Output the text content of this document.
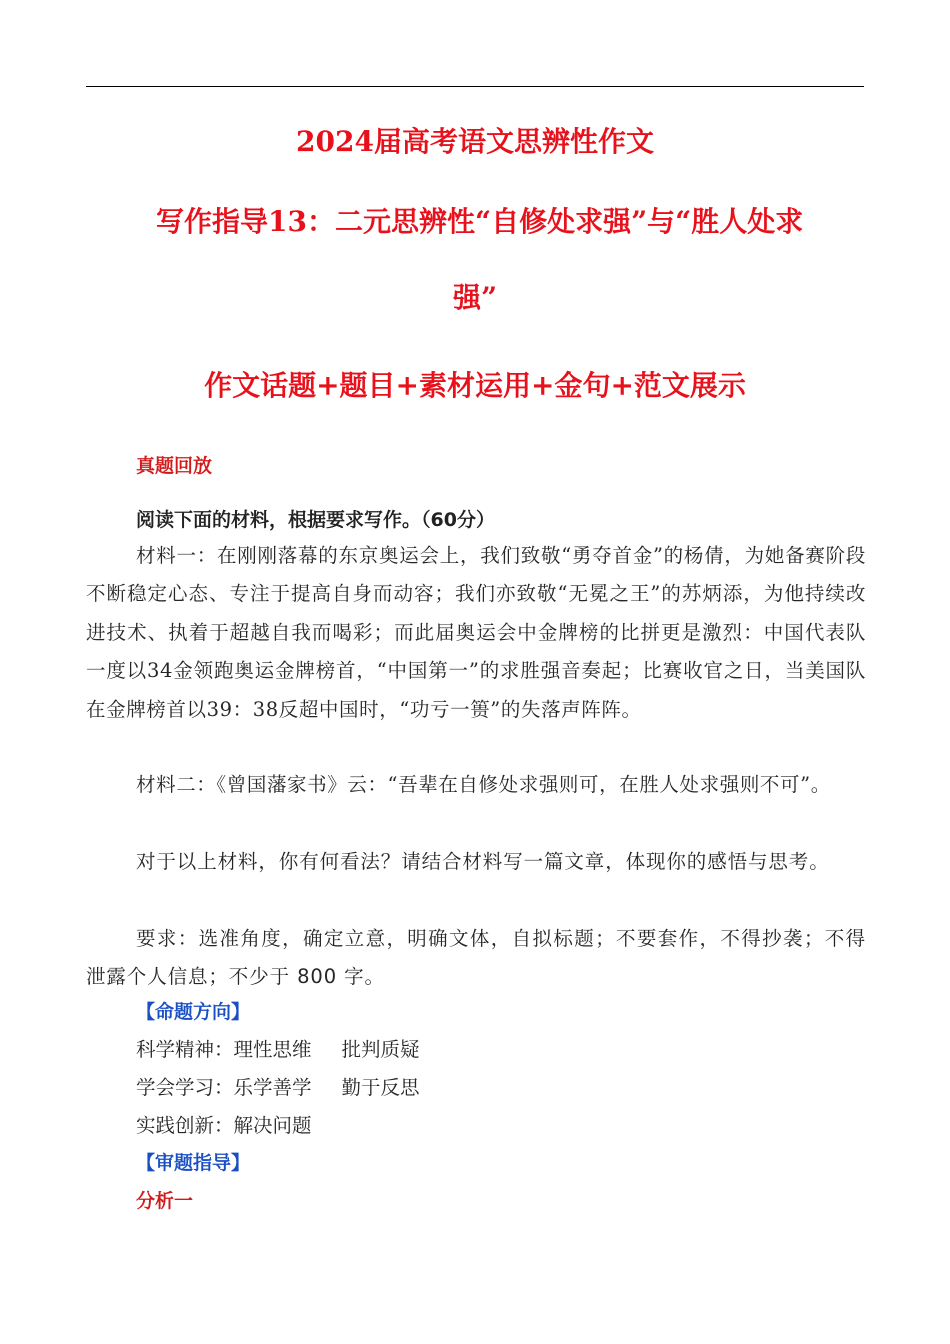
2024届高考语文思辨性作文
写作指导13：二元思辨性“自修处求强”与“胜人处求
强”
作文话题+题目+素材运用+金句+范文展示
真题回放
阅读下面的材料，根据要求写作。（60分）
材料一：在刚刚落幕的东京奥运会上，我们致敬“勇夺首金”的杨倩，为她备赛阶段不断稳定心态、专注于提高自身而动容；我们亦致敬“无冕之王”的苏炳添，为他持续改进技术、执着于超越自我而喝彩；而此届奥运会中金牌榜的比拼更是激烈：中国代表队一度以34金领跑奥运金牌榜首，“中国第一”的求胜强音奏起；比赛收官之日，当美国队在金牌榜首以39：38反超中国时，“功亏一篑”的失落声阵阵。
材料二：《曾国藩家书》云：“吾辈在自修处求强则可，在胜人处求强则不可”。
对于以上材料，你有何看法？请结合材料写一篇文章，体现你的感悟与思考。
要求：选准角度，确定立意，明确文体，自拟标题；不要套作，不得抄袭；不得泄露个人信息；不少于 800 字。
【命题方向】
科学精神：理性思维 批判质疑
学会学习：乐学善学 勤于反思
实践创新：解决问题
【审题指导】
分析一
